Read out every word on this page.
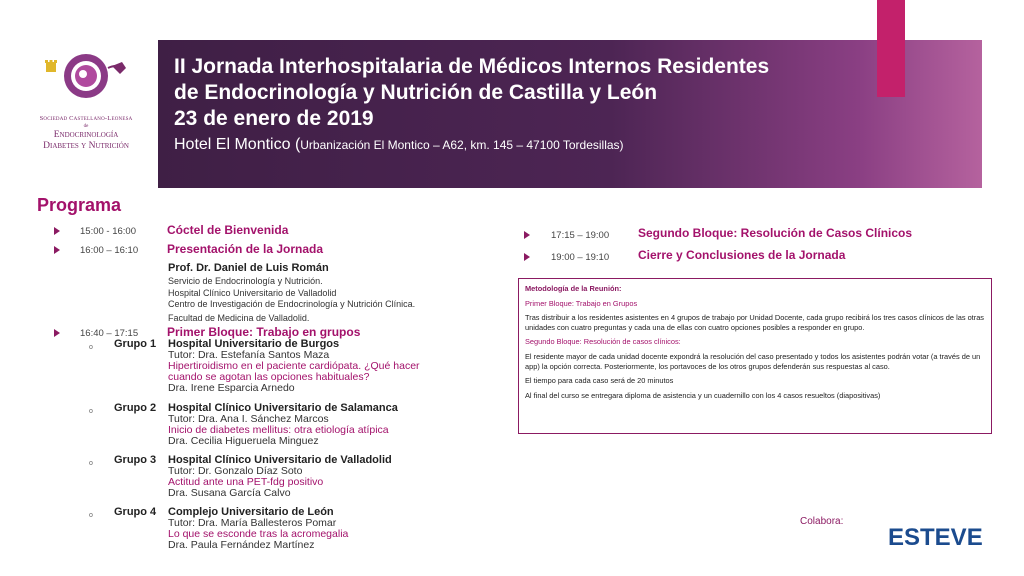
Sociedad Castellano-Leonesa
de
Endocrinología
Diabetes y Nutrición
II Jornada Interhospitalaria de Médicos Internos Residentes
de Endocrinología y Nutrición de Castilla y León
23 de enero de 2019
Hotel El Montico (Urbanización El Montico – A62, km. 145 – 47100 Tordesillas)
Programa
15:00 - 16:00	Cóctel de Bienvenida
16:00 – 16:10 Presentación de la Jornada
Prof. Dr. Daniel de Luis Román
Servicio de Endocrinología y Nutrición.
Hospital Clínico Universitario de Valladolid
Centro de Investigación de Endocrinología y Nutrición Clínica.
Facultad de Medicina de Valladolid.
16:40 – 17:15 Primer Bloque: Trabajo en grupos
o Grupo 1 Hospital Universitario de Burgos
Tutor: Dra. Estefanía Santos Maza
Hipertiroidismo en el paciente cardiópata. ¿Qué hacer
cuando se agotan las opciones habituales?
Dra. Irene Esparcia Arnedo
o Grupo 2 Hospital Clínico Universitario de Salamanca
Tutor: Dra. Ana I. Sánchez Marcos
Inicio de diabetes mellitus: otra etiología atípica
Dra. Cecilia Higueruela Minguez
o Grupo 3 Hospital Clínico Universitario de Valladolid
Tutor: Dr. Gonzalo Díaz Soto
Actitud ante una PET-fdg positivo
Dra. Susana García Calvo
o Grupo 4 Complejo Universitario de León
Tutor: Dra. María Ballesteros Pomar
Lo que se esconde tras la acromegalia
Dra. Paula Fernández Martínez
17:15 – 19:00 Segundo Bloque: Resolución de Casos Clínicos
19:00 – 19:10 Cierre y Conclusiones de la Jornada

Metodología de la Reunión:

Primer Bloque: Trabajo en Grupos

Tras distribuir a los residentes asistentes en 4 grupos de trabajo por Unidad Docente, cada grupo recibirá los tres casos clínicos de las otras unidades con cuatro preguntas y cada una de ellas con cuatro opciones posibles a responder en grupo.

Segundo Bloque: Resolución de casos clínicos:

El residente mayor de cada unidad docente expondrá la resolución del caso presentado y todos los asistentes podrán votar (a través de un app) la opción correcta. Posteriormente, los portavoces de los otros grupos defenderán sus respuestas al caso.

El tiempo para cada caso será de 20 minutos

Al final del curso se entregara diploma de asistencia y un cuadernillo con los 4 casos resueltos (diapositivas)

Colabora:
ESTEVE
